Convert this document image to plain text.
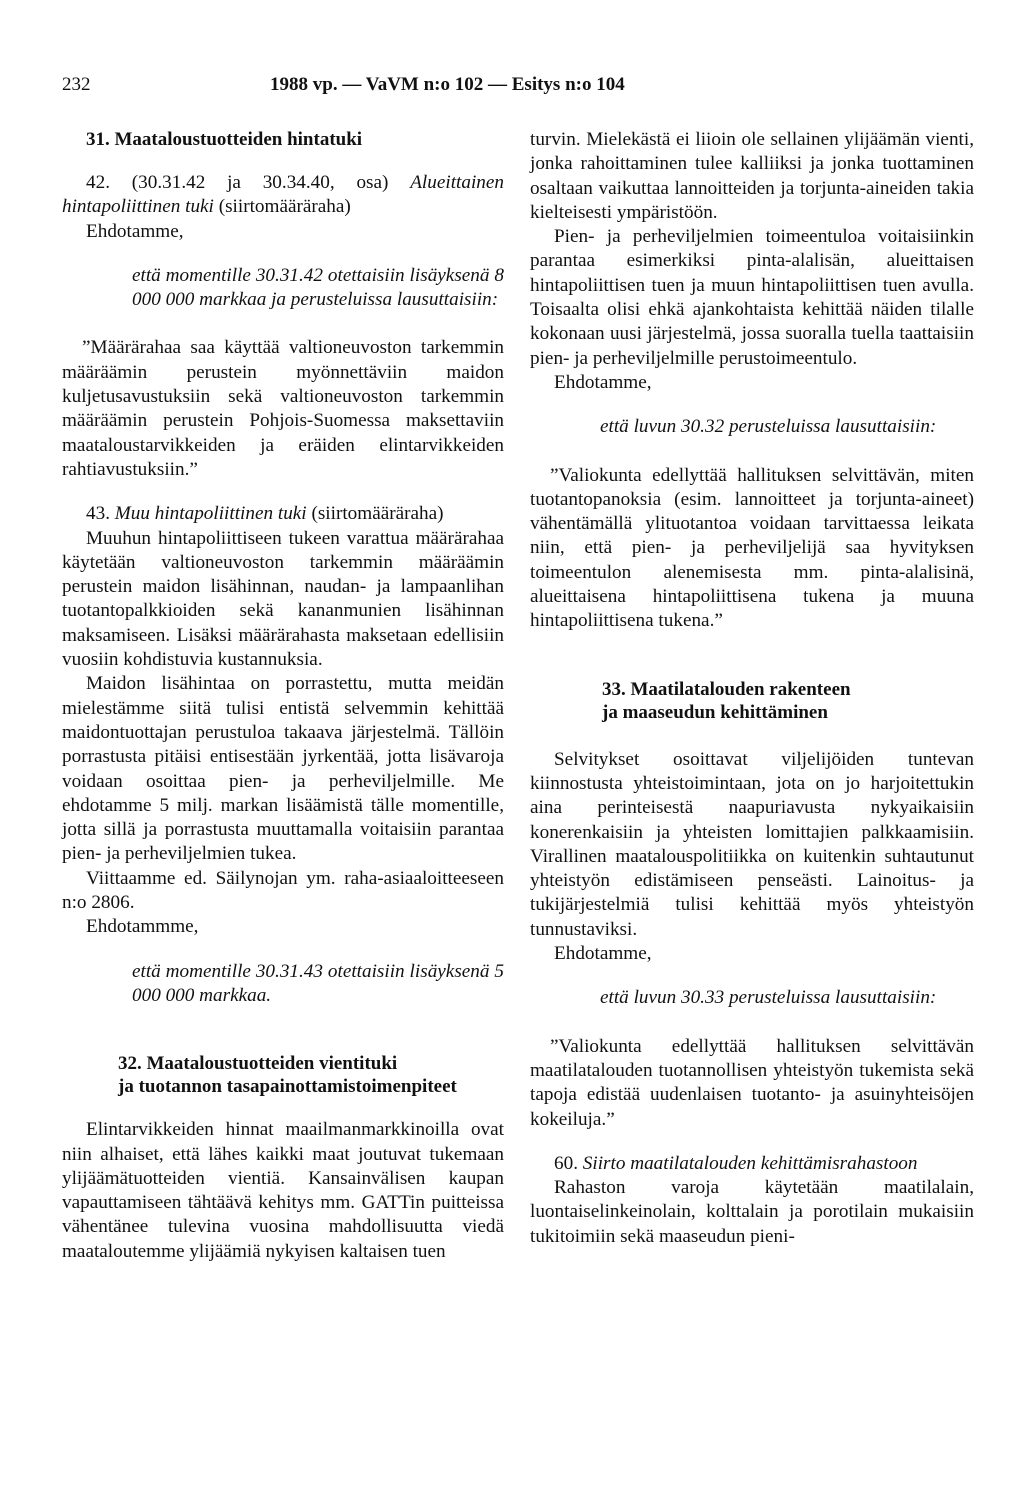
232	1988 vp. — VaVM n:o 102 — Esitys n:o 104

31. Maataloustuotteiden hintatuki

42. (30.31.42 ja 30.34.40, osa) Alueittainen hintapoliittinen tuki (siirtomääräraha)

Ehdotamme,

että momentille 30.31.42 otettaisiin lisäyksenä 8 000 000 markkaa ja perusteluissa lausuttaisiin:

”Määrärahaa saa käyttää valtioneuvoston tarkemmin määräämin perustein myönnettäviin maidon kuljetusavustuksiin sekä valtioneuvoston tarkemmin määräämin perustein Pohjois-Suomessa maksettaviin maataloustarvikkeiden ja eräiden elintarvikkeiden rahtiavustuksiin.”

43. Muu hintapoliittinen tuki (siirtomääräraha)

Muuhun hintapoliittiseen tukeen varattua määrärahaa käytetään valtioneuvoston tarkemmin määräämin perustein maidon lisähinnan, naudan- ja lampaanlihan tuotantopalkkioiden sekä kananmunien lisähinnan maksamiseen. Lisäksi määrärahasta maksetaan edellisiin vuosiin kohdistuvia kustannuksia.

Maidon lisähintaa on porrastettu, mutta meidän mielestämme siitä tulisi entistä selvemmin kehittää maidontuottajan perustuloa takaava järjestelmä. Tällöin porrastusta pitäisi entisestään jyrkentää, jotta lisävaroja voidaan osoittaa pien- ja perheviljelmille. Me ehdotamme 5 milj. markan lisäämistä tälle momentille, jotta sillä ja porrastusta muuttamalla voitaisiin parantaa pien- ja perheviljelmien tukea.

Viittaamme ed. Säilynojan ym. raha-asiaaloitteeseen n:o 2806.

Ehdotammme,

että momentille 30.31.43 otettaisiin lisäyksenä 5 000 000 markkaa.

32. Maataloustuotteiden vientituki
ja tuotannon tasapainottamistoimenpiteet

Elintarvikkeiden hinnat maailmanmarkkinoilla ovat niin alhaiset, että lähes kaikki maat joutuvat tukemaan ylijäämätuotteiden vientiä. Kansainvälisen kaupan vapauttamiseen tähtäävä kehitys mm. GATTin puitteissa vähentänee tulevina vuosina mahdollisuutta viedä maataloutemme ylijäämiä nykyisen kaltaisen tuen

turvin. Mielekästä ei liioin ole sellainen ylijäämän vienti, jonka rahoittaminen tulee kalliiksi ja jonka tuottaminen osaltaan vaikuttaa lannoitteiden ja torjunta-aineiden takia kielteisesti ympäristöön.

Pien- ja perheviljelmien toimeentuloa voitaisiinkin parantaa esimerkiksi pinta-alalisän, alueittaisen hintapoliittisen tuen ja muun hintapoliittisen tuen avulla. Toisaalta olisi ehkä ajankohtaista kehittää näiden tilalle kokonaan uusi järjestelmä, jossa suoralla tuella taattaisiin pien- ja perheviljelmille perustoimeentulo.

Ehdotamme,

että luvun 30.32 perusteluissa lausuttaisiin:

”Valiokunta edellyttää hallituksen selvittävän, miten tuotantopanoksia (esim. lannoitteet ja torjunta-aineet) vähentämällä ylituotantoa voidaan tarvittaessa leikata niin, että pien- ja perheviljelijä saa hyvityksen toimeentulon alenemisesta mm. pinta-alalisinä, alueittaisena hintapoliittisena tukena ja muuna hintapoliittisena tukena.”

33. Maatilatalouden rakenteen
ja maaseudun kehittäminen

Selvitykset osoittavat viljelijöiden tuntevan kiinnostusta yhteistoimintaan, jota on jo harjoitettukin aina perinteisestä naapuriavusta nykyaikaisiin konerenkaisiin ja yhteisten lomittajien palkkaamisiin. Virallinen maatalouspolitiikka on kuitenkin suhtautunut yhteistyön edistämiseen penseästi. Lainoitus- ja tukijärjestelmiä tulisi kehittää myös yhteistyön tunnustaviksi.

Ehdotamme,

että luvun 30.33 perusteluissa lausuttaisiin:

”Valiokunta edellyttää hallituksen selvittävän maatilatalouden tuotannollisen yhteistyön tukemista sekä tapoja edistää uudenlaisen tuotanto- ja asuinyhteisöjen kokeiluja.”

60. Siirto maatilatalouden kehittämisrahastoon

Rahaston varoja käytetään maatilalain, luontaiselinkeinolain, kolttalain ja porotilain mukaisiin tukitoimiin sekä maaseudun pieni-
